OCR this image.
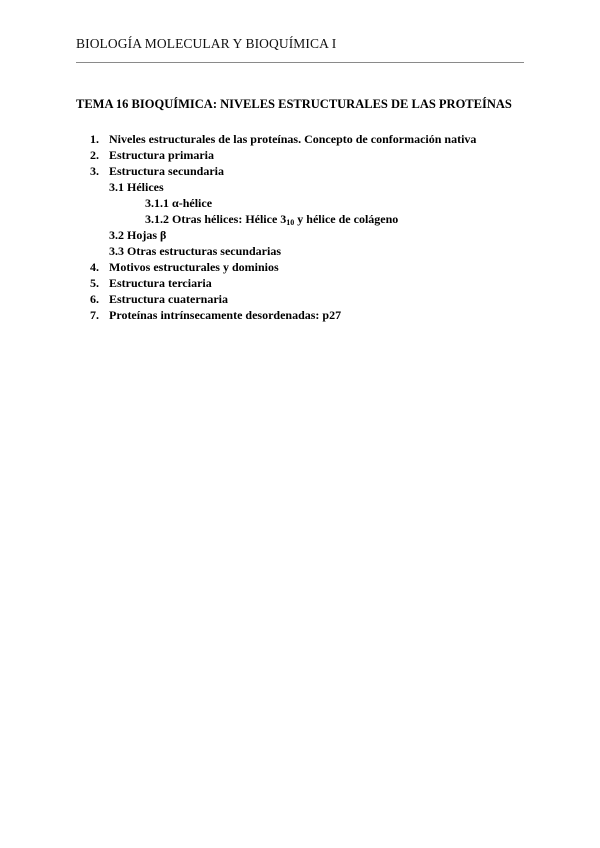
BIOLOGÍA MOLECULAR Y BIOQUÍMICA I
TEMA 16 BIOQUÍMICA: NIVELES ESTRUCTURALES DE LAS PROTEÍNAS
1. Niveles estructurales de las proteínas. Concepto de conformación nativa
2. Estructura primaria
3. Estructura secundaria
3.1 Hélices
3.1.1 α-hélice
3.1.2 Otras hélices: Hélice $3_{10}$ y hélice de colágeno
3.2 Hojas β
3.3 Otras estructuras secundarias
4. Motivos estructurales y dominios
5. Estructura terciaria
6. Estructura cuaternaria
7. Proteínas intrínsecamente desordenadas: p27
